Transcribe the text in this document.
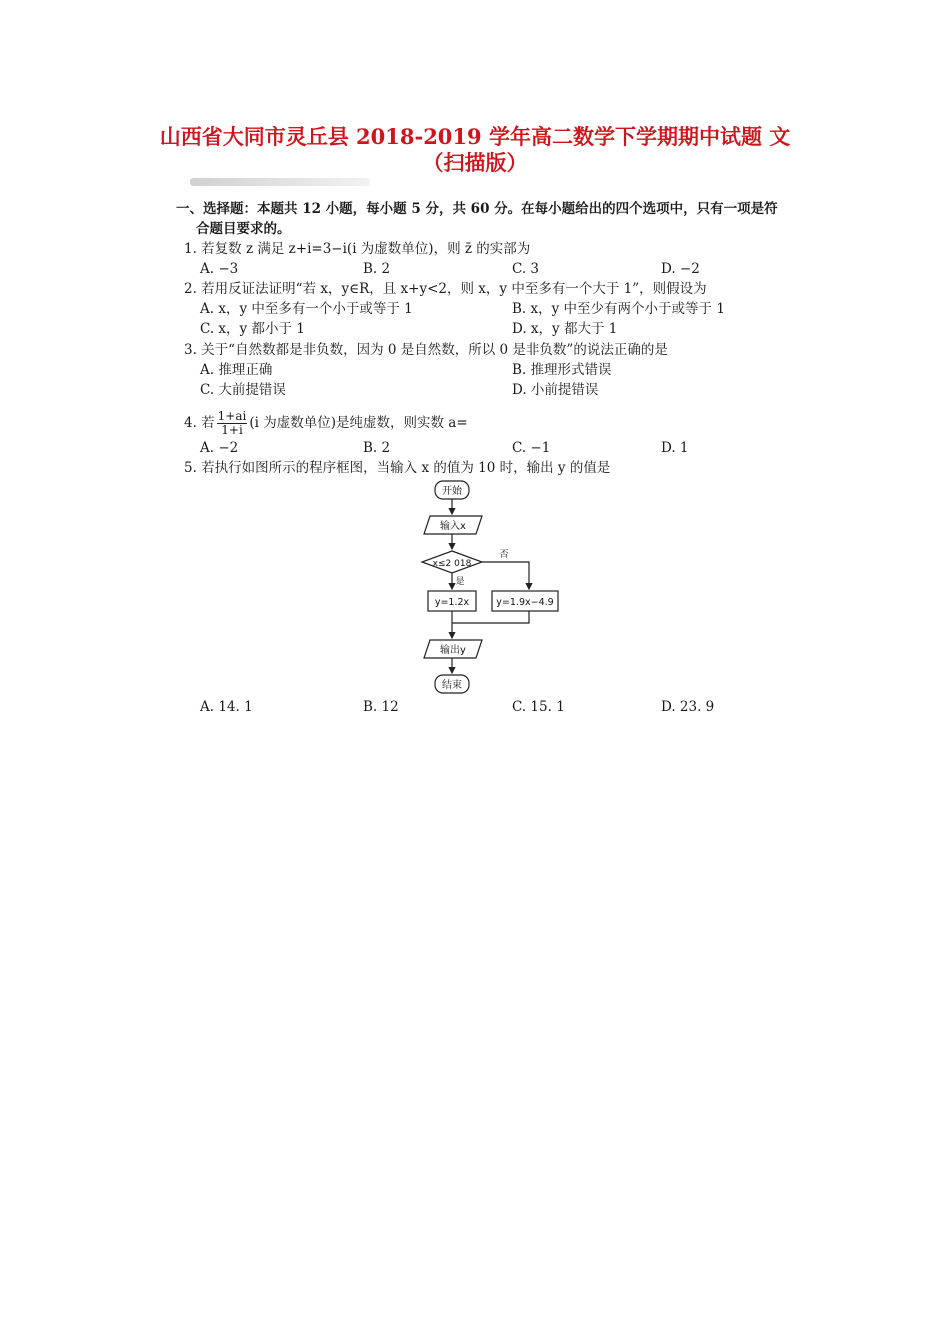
山西省大同市灵丘县 2018-2019 学年高二数学下学期期中试题 文
（扫描版）
一、选择题：本题共 12 小题，每小题 5 分，共 60 分。在每小题给出的四个选项中，只有一项是符
合题目要求的。
1. 若复数 z 满足 z+i=3−i(i 为虚数单位)，则 z̄ 的实部为
A. −3	B. 2	C. 3	D. −2
2. 若用反证法证明“若 x，y∈R，且 x+y<2，则 x，y 中至多有一个大于 1”，则假设为
A. x，y 中至多有一个小于或等于 1	B. x，y 中至少有两个小于或等于 1
C. x，y 都小于 1	D. x，y 都大于 1
3. 关于“自然数都是非负数，因为 0 是自然数，所以 0 是非负数”的说法正确的是
A. 推理正确	B. 推理形式错误
C. 大前提错误	D. 小前提错误
4. 若 $\frac{1+ai}{1+i} (i$ 为虚数单位)是纯虚数，则实数 a=
A. −2	B. 2	C. −1	D. 1
5. 若执行如图所示的程序框图，当输入 x 的值为 10 时，输出 y 的值是
开始
输入x
x≤2 018
是
否
y=1.2x	y=1.9x−4.9
输出y
结束
A. 14. 1	B. 12	C. 15. 1	D. 23. 9
